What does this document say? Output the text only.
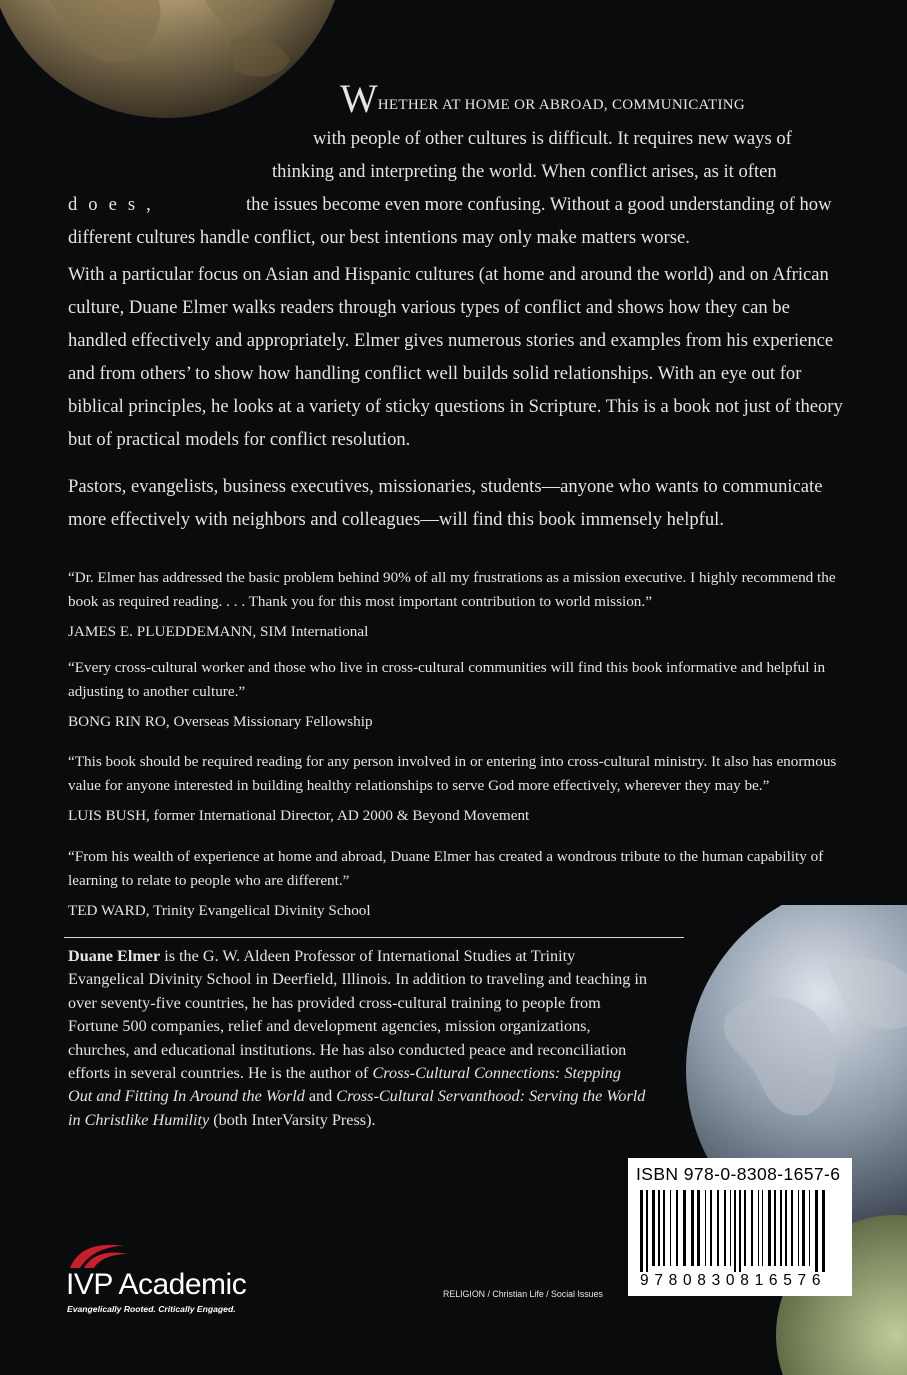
WHETHER AT HOME OR ABROAD, COMMUNICATING
with people of other cultures is difficult. It requires new ways of
thinking and interpreting the world. When conflict arises, as it often
does,	the issues become even more confusing. Without a good understanding of how
different cultures handle conflict, our best intentions may only make matters worse.
With a particular focus on Asian and Hispanic cultures (at home and around the world) and on African culture, Duane Elmer walks readers through various types of conflict and shows how they can be handled effectively and appropriately. Elmer gives numerous stories and examples from his experience and from others’ to show how handling conflict well builds solid relationships. With an eye out for biblical principles, he looks at a variety of sticky questions in Scripture. This is a book not just of theory but of practical models for conflict resolution.
Pastors, evangelists, business executives, missionaries, students—anyone who wants to communicate more effectively with neighbors and colleagues—will find this book immensely helpful.
“Dr. Elmer has addressed the basic problem behind 90% of all my frustrations as a mission executive. I highly recommend the book as required reading. . . . Thank you for this most important contribution to world mission.”
JAMES E. PLUEDDEMANN, SIM International
“Every cross-cultural worker and those who live in cross-cultural communities will find this book informative and helpful in adjusting to another culture.”
BONG RIN RO, Overseas Missionary Fellowship
“This book should be required reading for any person involved in or entering into cross-cultural ministry. It also has enormous value for anyone interested in building healthy relationships to serve God more effectively, wherever they may be.”
LUIS BUSH, former International Director, AD 2000 & Beyond Movement
“From his wealth of experience at home and abroad, Duane Elmer has created a wondrous tribute to the human capability of learning to relate to people who are different.”
TED WARD, Trinity Evangelical Divinity School
Duane Elmer is the G. W. Aldeen Professor of International Studies at Trinity Evangelical Divinity School in Deerfield, Illinois. In addition to traveling and teaching in over seventy-five countries, he has provided cross-cultural training to people from Fortune 500 companies, relief and development agencies, mission organizations, churches, and educational institutions. He has also conducted peace and reconciliation efforts in several countries. He is the author of Cross-Cultural Connections: Stepping Out and Fitting In Around the World and Cross-Cultural Servanthood: Serving the World in Christlike Humility (both InterVarsity Press).
ISBN 978-0-8308-1657-6
9780830816576
RELIGION / Christian Life / Social Issues
IVP Academic
Evangelically Rooted. Critically Engaged.
